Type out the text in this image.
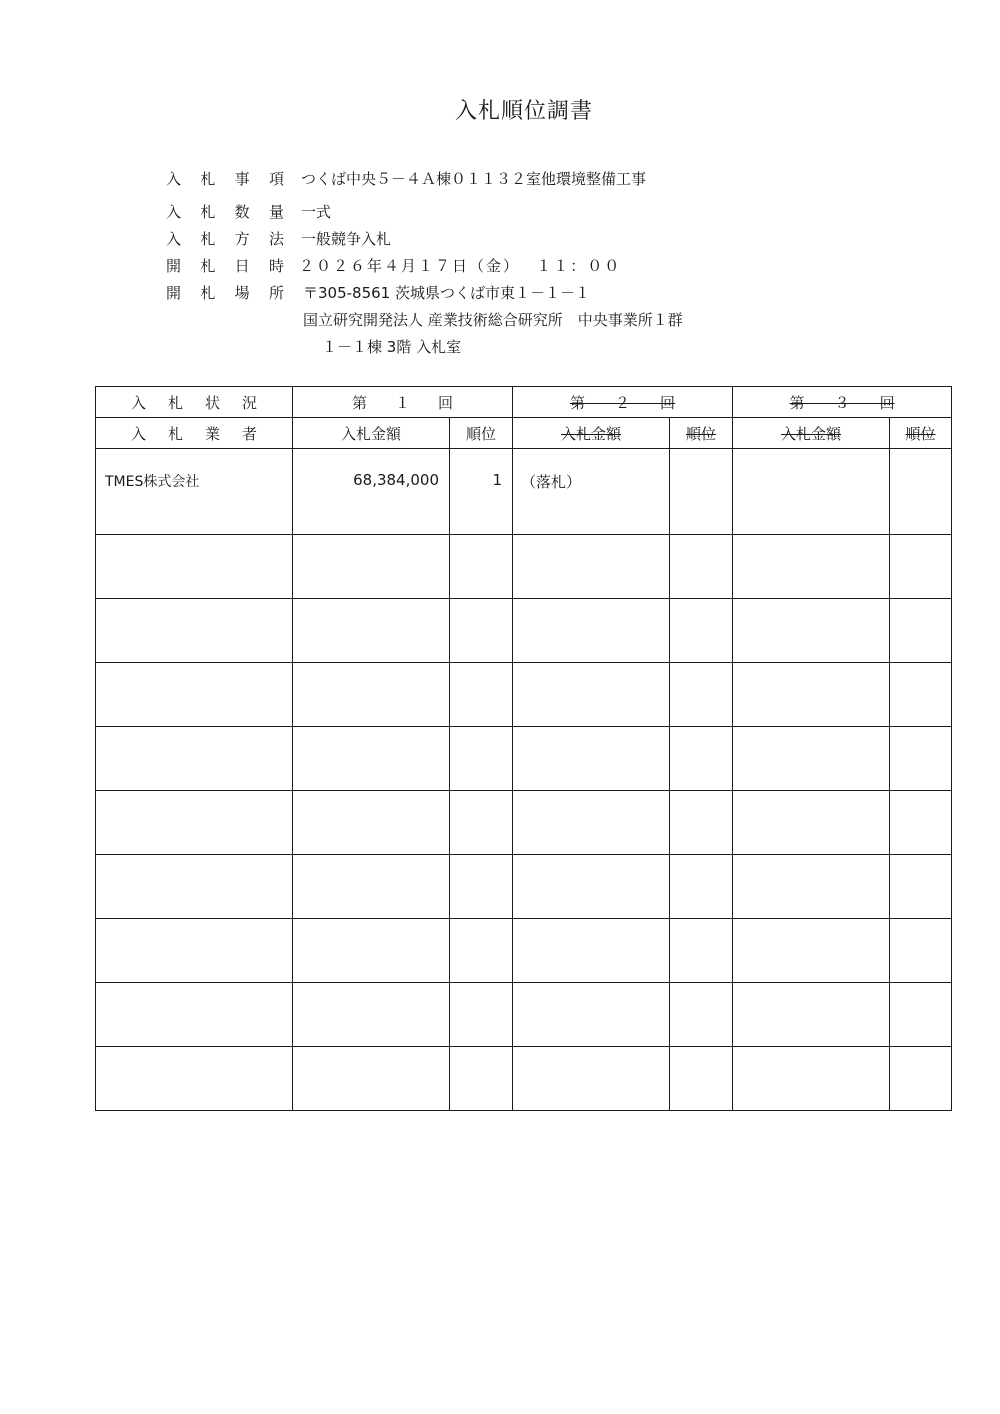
入札順位調書
入 札 事 項 つくば中央５－４Ａ棟０１１３２室他環境整備工事
入 札 数 量 一式
入 札 方 法 一般競争入札
開 札 日 時 ２０２６年４月１７日（金）　 １１：００
開 札 場 所 〒305-8561 茨城県つくば市東１－１－１
国立研究開発法人 産業技術総合研究所　中央事業所１群
１－１棟 3階 入札室
入 札 状 況	第 １ 回		第　　 ２　　 回		第　　 ３　　 回	

入 札 業 者	入札金額	順位	入札金額	順位	入札金額	順位
TMES株式会社	68,384,000	1	（落札）			
